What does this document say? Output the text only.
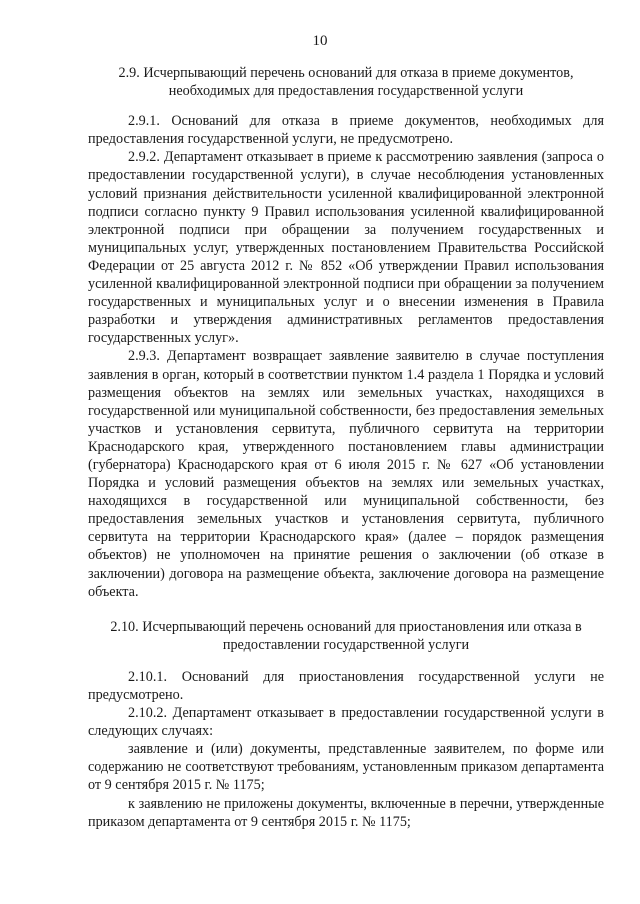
10
2.9. Исчерпывающий перечень оснований для отказа в приеме документов, необходимых для предоставления государственной услуги

2.9.1. Оснований для отказа в приеме документов, необходимых для предоставления государственной услуги, не предусмотрено.

2.9.2. Департамент отказывает в приеме к рассмотрению заявления (запроса о предоставлении государственной услуги), в случае несоблюдения установленных условий признания действительности усиленной квалифицированной электронной подписи согласно пункту 9 Правил использования усиленной квалифицированной электронной подписи при обращении за получением государственных и муниципальных услуг, утвержденных постановлением Правительства Российской Федерации от 25 августа 2012 г. № 852 «Об утверждении Правил использования усиленной квалифицированной электронной подписи при обращении за получением государственных и муниципальных услуг и о внесении изменения в Правила разработки и утверждения административных регламентов предоставления государственных услуг».

2.9.3. Департамент возвращает заявление заявителю в случае поступления заявления в орган, который в соответствии пунктом 1.4 раздела 1 Порядка и условий размещения объектов на землях или земельных участках, находящихся в государственной или муниципальной собственности, без предоставления земельных участков и установления сервитута, публичного сервитута на территории Краснодарского края, утвержденного постановлением главы администрации (губернатора) Краснодарского края от 6 июля 2015 г. № 627 «Об установлении Порядка и условий размещения объектов на землях или земельных участках, находящихся в государственной или муниципальной собственности, без предоставления земельных участков и установления сервитута, публичного сервитута на территории Краснодарского края» (далее – порядок размещения объектов) не уполномочен на принятие решения о заключении (об отказе в заключении) договора на размещение объекта, заключение договора на размещение объекта.

2.10. Исчерпывающий перечень оснований для приостановления или отказа в предоставлении государственной услуги

2.10.1. Оснований для приостановления государственной услуги не предусмотрено.

2.10.2. Департамент отказывает в предоставлении государственной услуги в следующих случаях:

заявление и (или) документы, представленные заявителем, по форме или содержанию не соответствуют требованиям, установленным приказом департамента от 9 сентября 2015 г. № 1175;

к заявлению не приложены документы, включенные в перечни, утвержденные приказом департамента от 9 сентября 2015 г. № 1175;
